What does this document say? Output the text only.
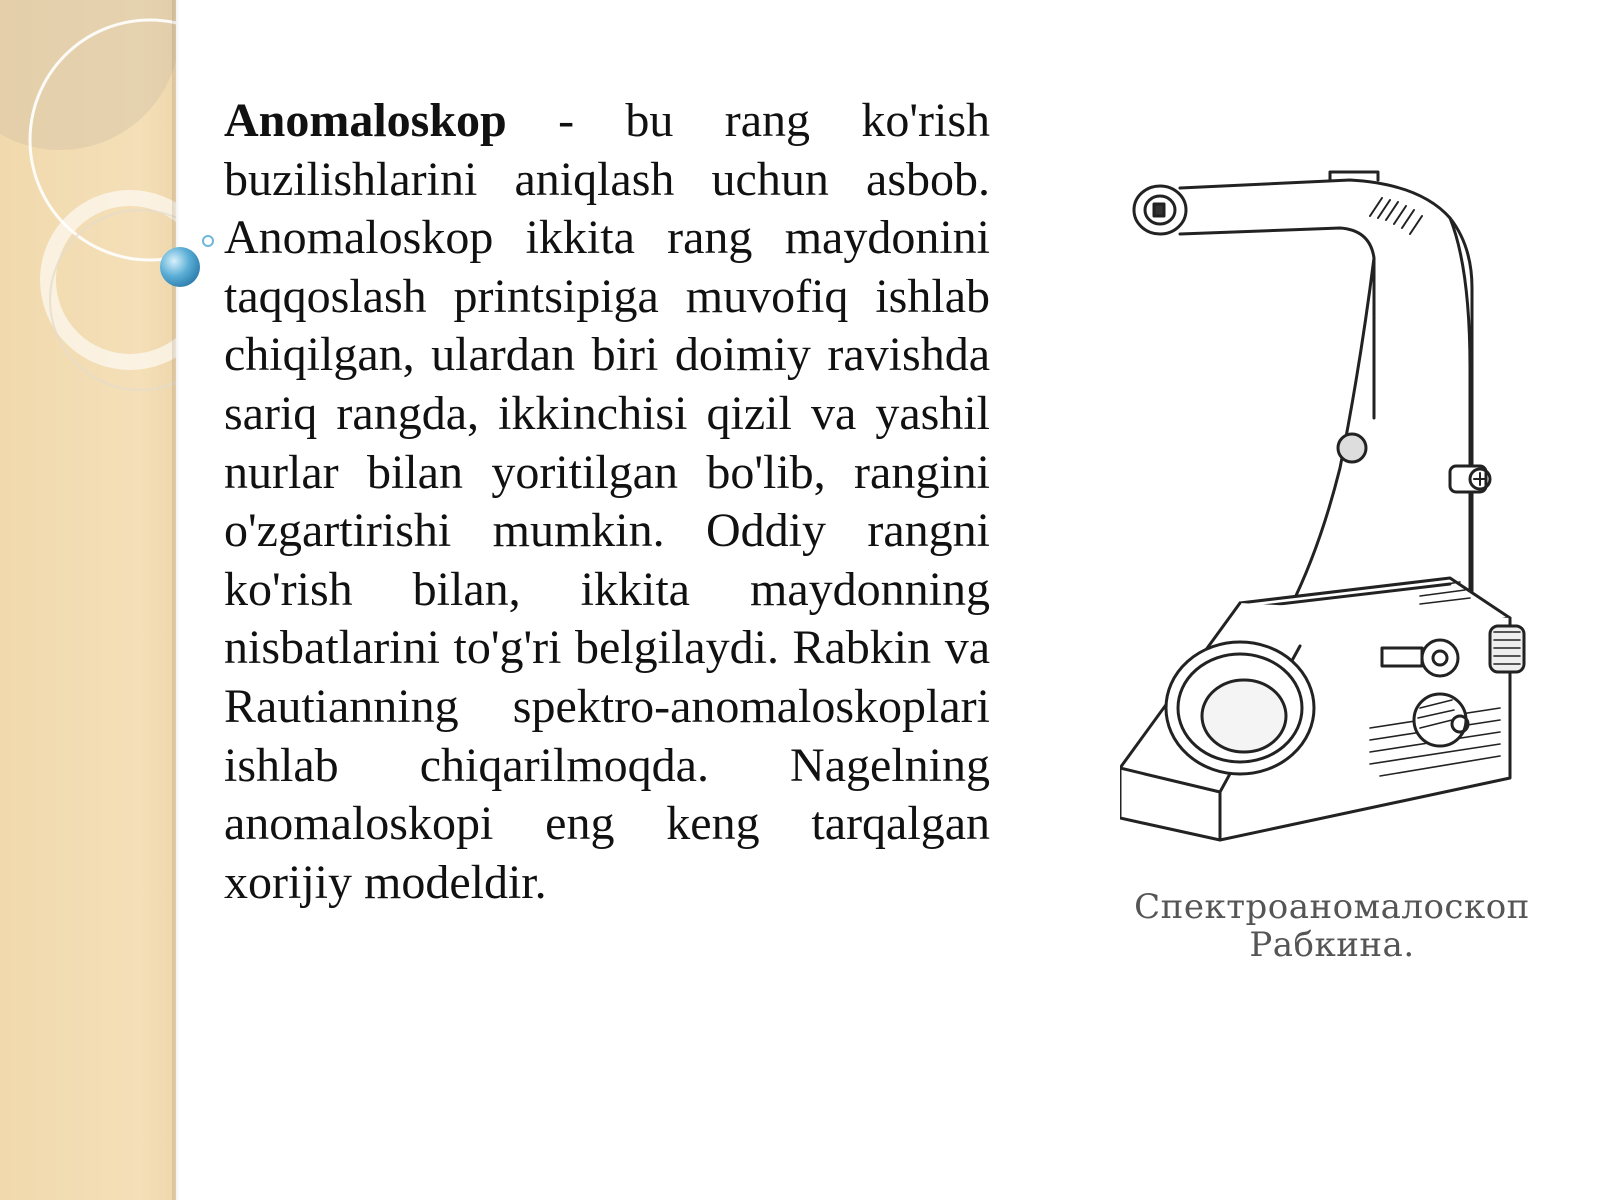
Anomaloskop - bu rang ko'rish buzilishlarini aniqlash uchun asbob. Anomaloskop ikkita rang maydonini taqqoslash printsipiga muvofiq ishlab chiqilgan, ulardan biri doimiy ravishda sariq rangda, ikkinchisi qizil va yashil nurlar bilan yoritilgan bo'lib, rangini o'zgartirishi mumkin. Oddiy rangni ko'rish bilan, ikkita maydonning nisbatlarini to'g'ri belgilaydi. Rabkin va Rautianning spektro-anomaloskoplari ishlab chiqarilmoqda. Nagelning anomaloskopi eng keng tarqalgan xorijiy modeldir.	Спектроаномалоскоп
Рабкина.
